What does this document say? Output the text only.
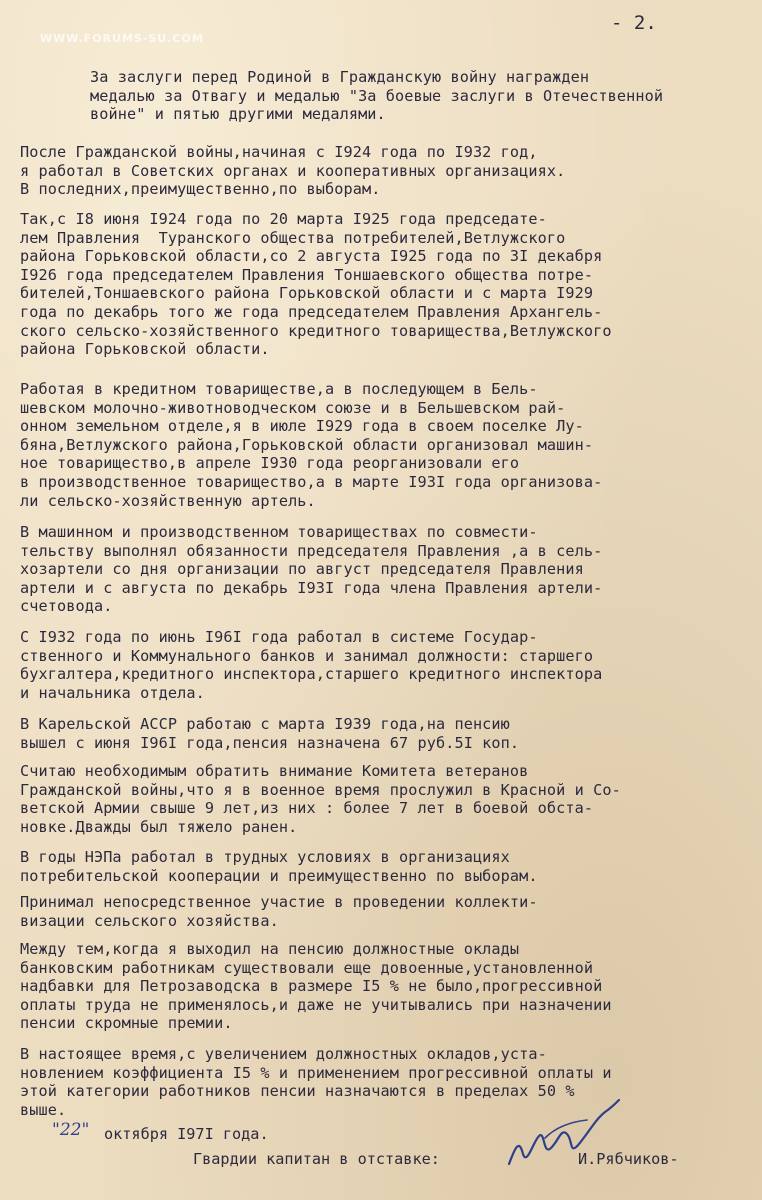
WWW.FORUMS-SU.COM
- 2.

За заслуги перед Родиной в Гражданскую войну награжден
медалью за Отвагу и медалью "За боевые заслуги в Отечественной
войне" и пятью другими медалями.

После Гражданской войны,начиная с I924 года по I932 год,
я работал в Советских органах и кооперативных организациях.
В последних,преимущественно,по выборам.

Так,с I8 июня I924 года по 20 марта I925 года председате-
лем Правления  Туранского общества потребителей,Ветлужского
района Горьковской области,со 2 августа I925 года по 3I декабря
I926 года председателем Правления Тоншаевского общества потре-
бителей,Тоншаевского района Горьковской области и с марта I929
года по декабрь того же года председателем Правления Архангель-
ского сельско-хозяйственного кредитного товарищества,Ветлужского
района Горьковской области.

Работая в кредитном товариществе,а в последующем в Бель-
шевском молочно-животноводческом союзе и в Бельшевском рай-
онном земельном отделе,я в июле I929 года в своем поселке Лу-
бяна,Ветлужского района,Горьковской области организовал машин-
ное товарищество,в апреле I930 года реорганизовали его
в производственное товарищество,а в марте I93I года организова-
ли сельско-хозяйственную артель.

В машинном и производственном товариществах по совмести-
тельству выполнял обязанности председателя Правления ,а в сель-
хозартели со дня организации по август председателя Правления
артели и с августа по декабрь I93I года члена Правления артели-
счетовода.

С I932 года по июнь I96I года работал в системе Государ-
ственного и Коммунального банков и занимал должности: старшего
бухгалтера,кредитного инспектора,старшего кредитного инспектора
и начальника отдела.

В Карельской АССР работаю с марта I939 года,на пенсию
вышел с июня I96I года,пенсия назначена 67 руб.5I коп.

Считаю необходимым обратить внимание Комитета ветеранов
Гражданской войны,что я в военное время прослужил в Красной и Со-
ветской Армии свыше 9 лет,из них : более 7 лет в боевой обста-
новке.Дважды был тяжело ранен.

В годы НЭПа работал в трудных условиях в организациях
потребительской кооперации и преимущественно по выборам.

Принимал непосредственное участие в проведении коллекти-
визации сельского хозяйства.

Между тем,когда я выходил на пенсию должностные оклады
банковским работникам существовали еще довоенные,установленной
надбавки для Петрозаводска в размере I5 % не было,прогрессивной
оплаты труда не применялось,и даже не учитывались при назначении
пенсии скромные премии.

В настоящее время,с увеличением должностных окладов,уста-
новлением коэффициента I5 % и применением прогрессивной оплаты и
этой категории работников пенсии назначаются в пределах 50 %
выше.

"22" октября I97I года.

Гвардии капитан в отставке:	И.Рябчиков-
